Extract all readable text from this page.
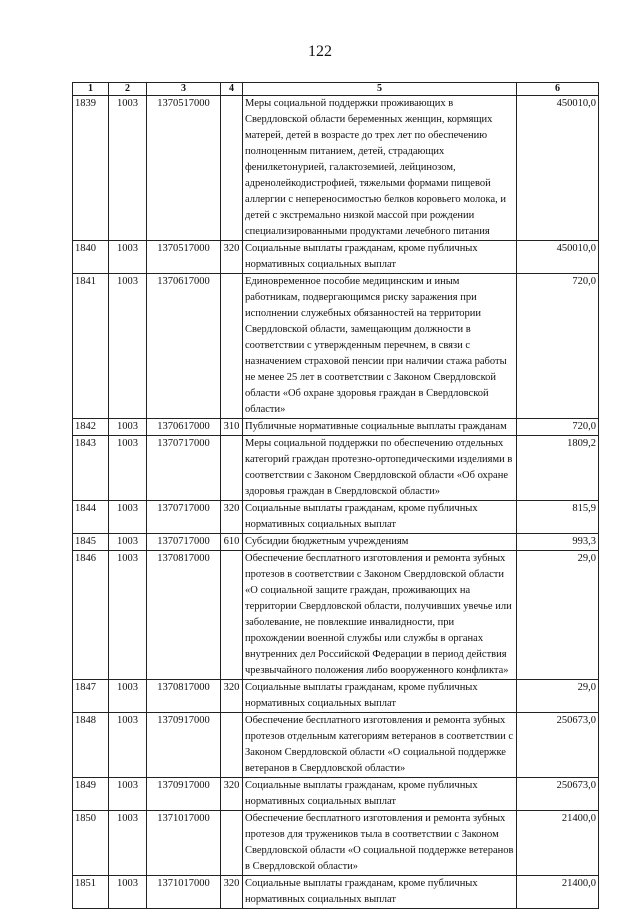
122
1	2	3	4	5	6
1839	1003	1370517000		Меры социальной поддержки проживающих в Свердловской области беременных женщин, кормящих матерей, детей в возрасте до трех лет по обеспечению полноценным питанием, детей, страдающих фенилкетонурией, галактоземией, лейцинозом, адренолейкодистрофией, тяжелыми формами пищевой аллергии с непереносимостью белков коровьего молока, и детей с экстремально низкой массой при рождении специализированными продуктами лечебного питания	450010,0
1840	1003	1370517000	320	Социальные выплаты гражданам, кроме публичных нормативных социальных выплат	450010,0
1841	1003	1370617000		Единовременное пособие медицинским и иным работникам, подвергающимся риску заражения при исполнении служебных обязанностей на территории Свердловской области, замещающим должности в соответствии с утвержденным перечнем, в связи с назначением страховой пенсии при наличии стажа работы не менее 25 лет в соответствии с Законом Свердловской области «Об охране здоровья граждан в Свердловской области»	720,0
1842	1003	1370617000	310	Публичные нормативные социальные выплаты гражданам	720,0
1843	1003	1370717000		Меры социальной поддержки по обеспечению отдельных категорий граждан протезно-ортопедическими изделиями в соответствии с Законом Свердловской области «Об охране здоровья граждан в Свердловской области»	1809,2
1844	1003	1370717000	320	Социальные выплаты гражданам, кроме публичных нормативных социальных выплат	815,9
1845	1003	1370717000	610	Субсидии бюджетным учреждениям	993,3
1846	1003	1370817000		Обеспечение бесплатного изготовления и ремонта зубных протезов в соответствии с Законом Свердловской области «О социальной защите граждан, проживающих на территории Свердловской области, получивших увечье или заболевание, не повлекшие инвалидности, при прохождении военной службы или службы в органах внутренних дел Российской Федерации в период действия чрезвычайного положения либо вооруженного конфликта»	29,0
1847	1003	1370817000	320	Социальные выплаты гражданам, кроме публичных нормативных социальных выплат	29,0
1848	1003	1370917000		Обеспечение бесплатного изготовления и ремонта зубных протезов отдельным категориям ветеранов в соответствии с Законом Свердловской области «О социальной поддержке ветеранов в Свердловской области»	250673,0
1849	1003	1370917000	320	Социальные выплаты гражданам, кроме публичных нормативных социальных выплат	250673,0
1850	1003	1371017000		Обеспечение бесплатного изготовления и ремонта зубных протезов для тружеников тыла в соответствии с Законом Свердловской области «О социальной поддержке ветеранов в Свердловской области»	21400,0
1851	1003	1371017000	320	Социальные выплаты гражданам, кроме публичных нормативных социальных выплат	21400,0
